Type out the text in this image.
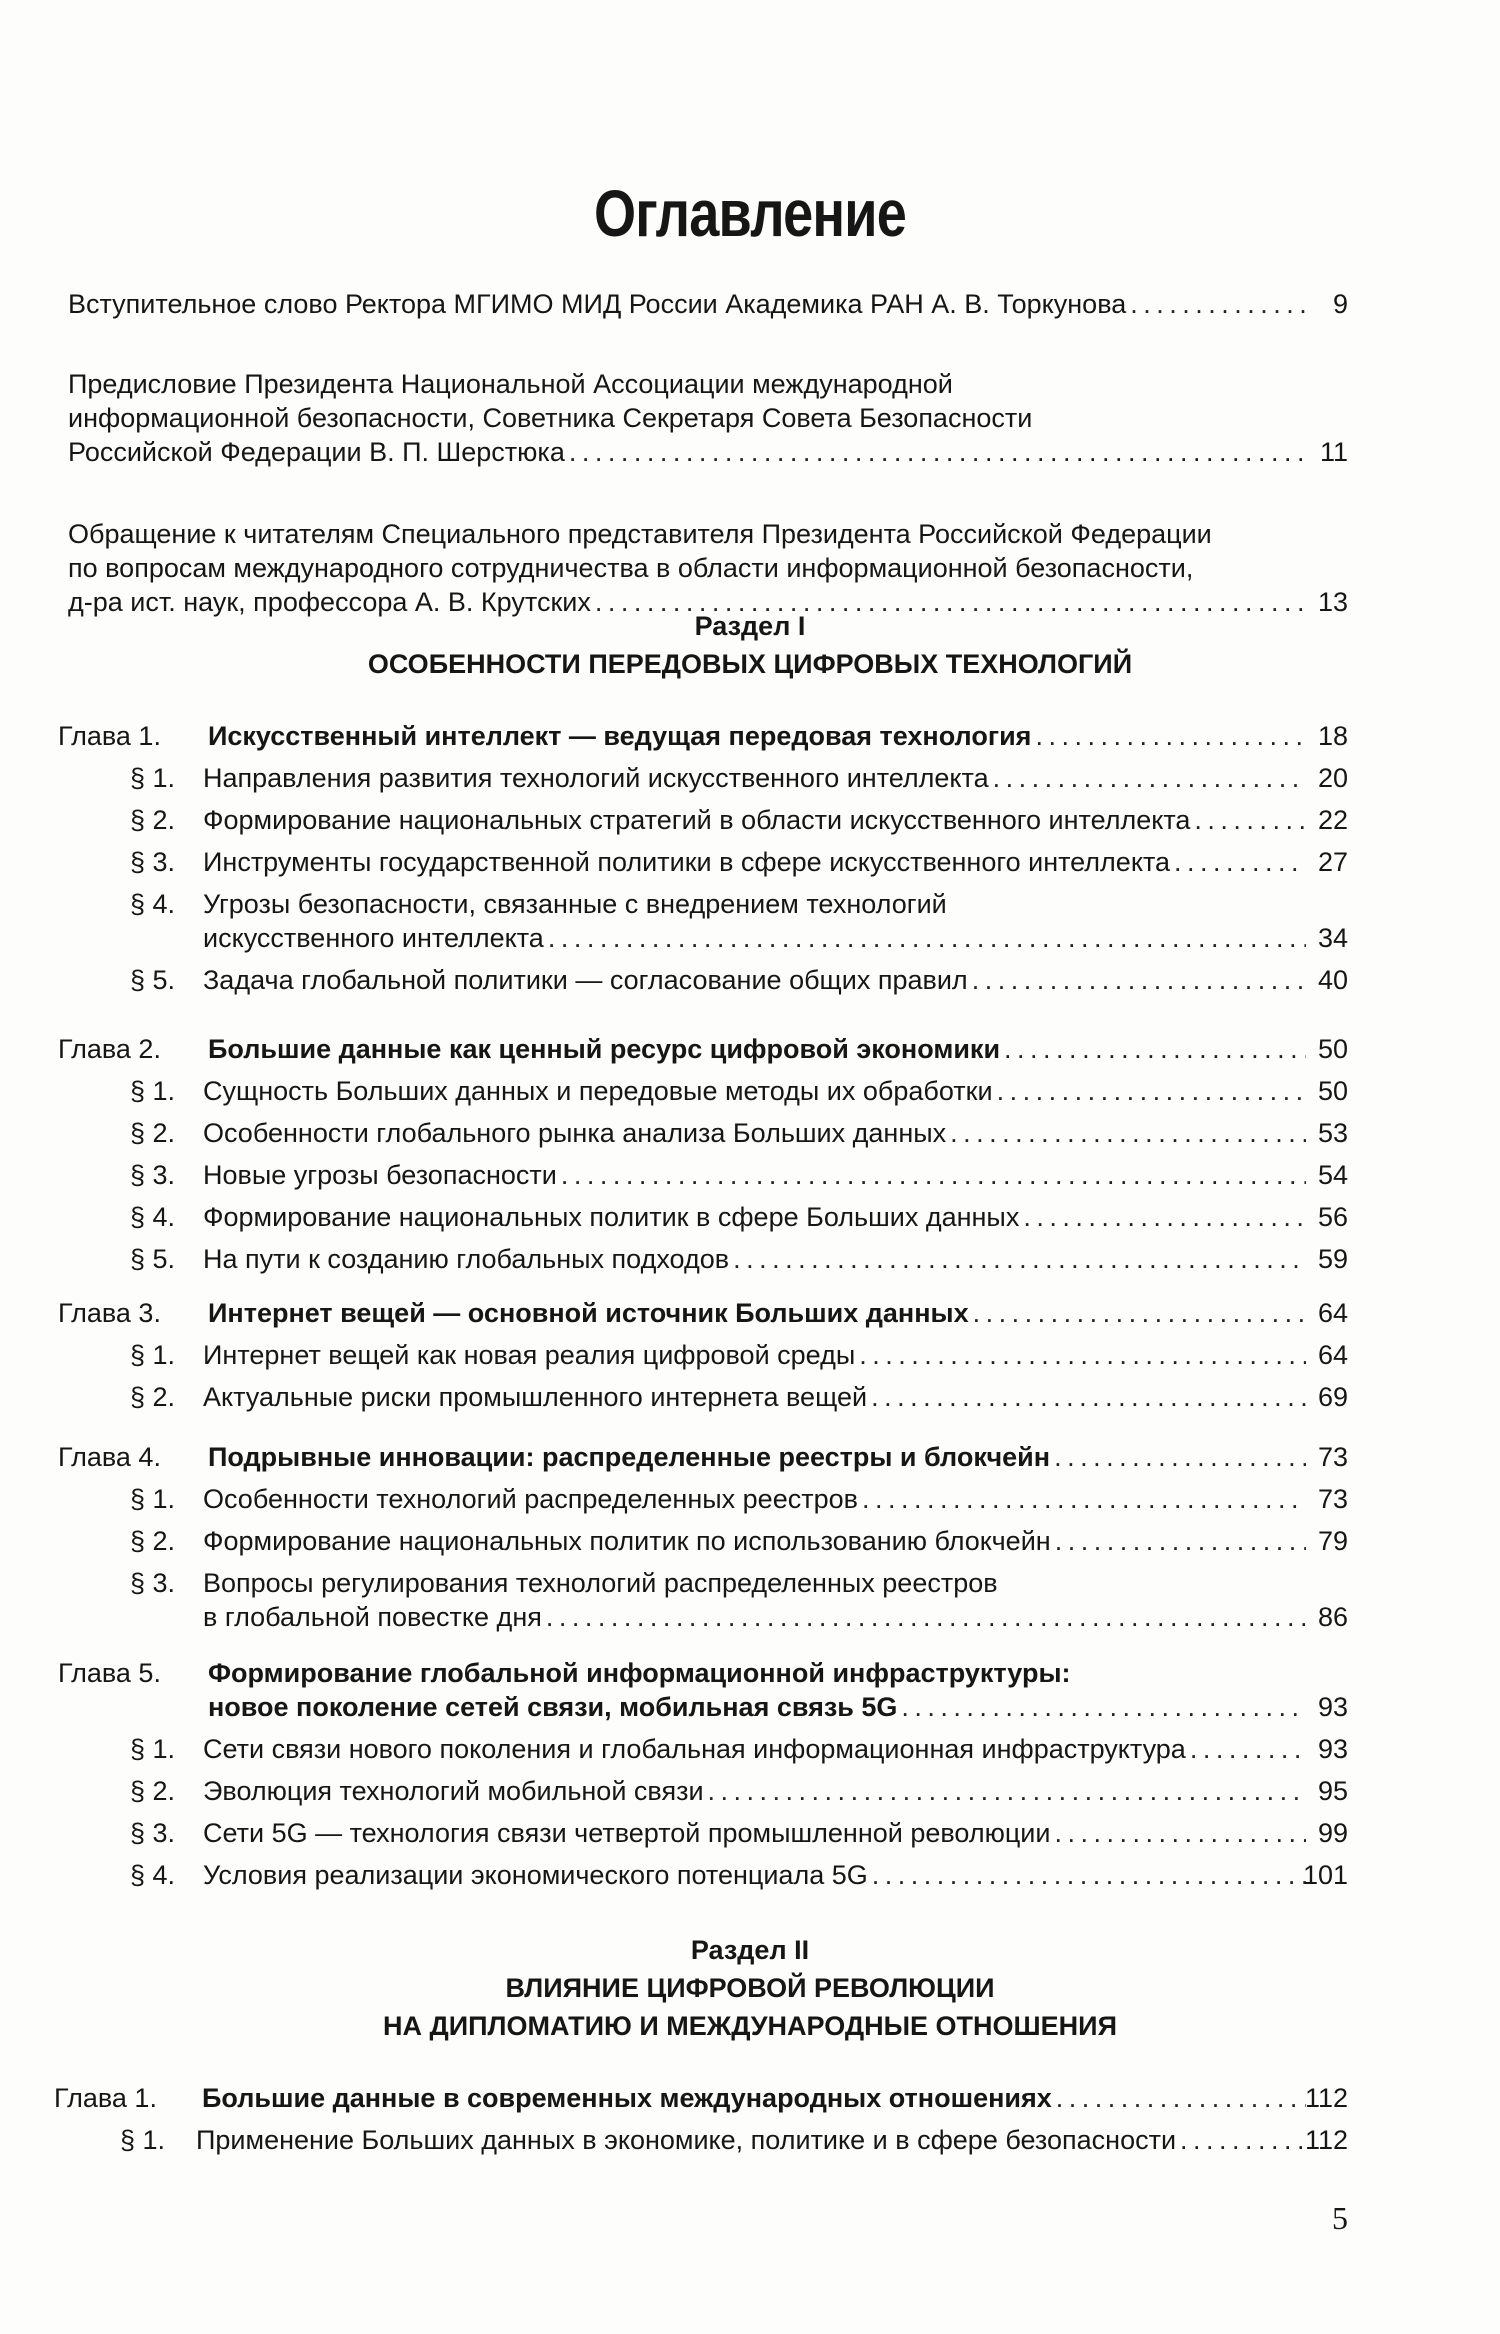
Оглавление
Вступительное слово Ректора МГИМО МИД России Академика РАН А. В. Торкунова . . .	9
Предисловие Президента Национальной Ассоциации международной
информационной безопасности, Советника Секретаря Совета Безопасности
Российской Федерации В. П. Шерстюка . . .	11
Обращение к читателям Специального представителя Президента Российской Федерации
по вопросам международного сотрудничества в области информационной безопасности,
д-ра ист. наук, профессора А. В. Крутских . . .	13
Раздел I
ОСОБЕННОСТИ ПЕРЕДОВЫХ ЦИФРОВЫХ ТЕХНОЛОГИЙ
Глава 1. Искусственный интеллект — ведущая передовая технология . . .	18
§ 1. Направления развития технологий искусственного интеллекта . . .	20
§ 2. Формирование национальных стратегий в области искусственного интеллекта . . .	22
§ 3. Инструменты государственной политики в сфере искусственного интеллекта . . .	27
§ 4. Угрозы безопасности, связанные с внедрением технологий
искусственного интеллекта . . .	34
§ 5. Задача глобальной политики — согласование общих правил . . .	40
Глава 2. Большие данные как ценный ресурс цифровой экономики . . .	50
§ 1. Сущность Больших данных и передовые методы их обработки . . .	50
§ 2. Особенности глобального рынка анализа Больших данных . . .	53
§ 3. Новые угрозы безопасности . . .	54
§ 4. Формирование национальных политик в сфере Больших данных . . .	56
§ 5. На пути к созданию глобальных подходов . . .	59
Глава 3. Интернет вещей — основной источник Больших данных . . .	64
§ 1. Интернет вещей как новая реалия цифровой среды . . .	64
§ 2. Актуальные риски промышленного интернета вещей . . .	69
Глава 4. Подрывные инновации: распределенные реестры и блокчейн . . .	73
§ 1. Особенности технологий распределенных реестров . . .	73
§ 2. Формирование национальных политик по использованию блокчейн . . .	79
§ 3. Вопросы регулирования технологий распределенных реестров
в глобальной повестке дня . . .	86
Глава 5. Формирование глобальной информационной инфраструктуры:
новое поколение сетей связи, мобильная связь 5G . . .	93
§ 1. Сети связи нового поколения и глобальная информационная инфраструктура . . .	93
§ 2. Эволюция технологий мобильной связи . . .	95
§ 3. Сети 5G — технология связи четвертой промышленной революции . . .	99
§ 4. Условия реализации экономического потенциала 5G . . .	101
Раздел II
ВЛИЯНИЕ ЦИФРОВОЙ РЕВОЛЮЦИИ
НА ДИПЛОМАТИЮ И МЕЖДУНАРОДНЫЕ ОТНОШЕНИЯ
Глава 1. Большие данные в современных международных отношениях . . .	112
§ 1. Применение Больших данных в экономике, политике и в сфере безопасности . . .	112
5
